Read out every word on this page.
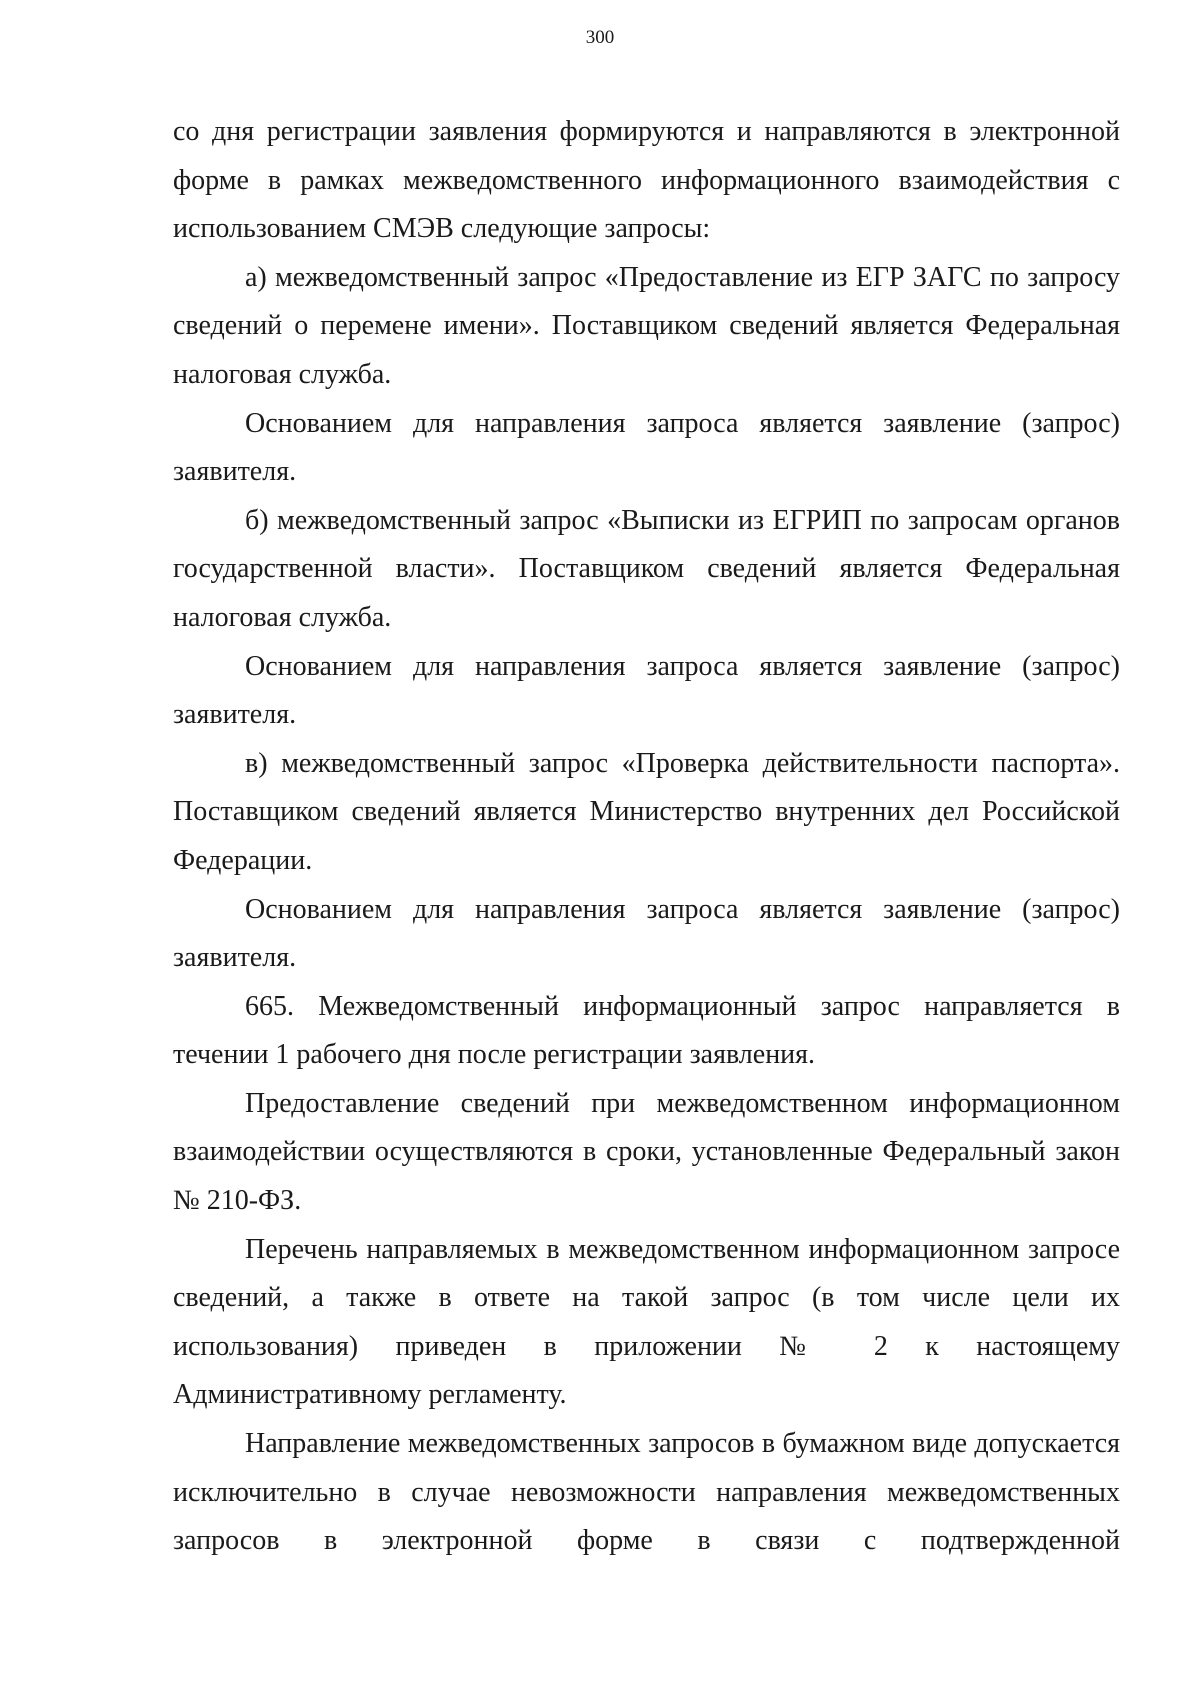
300

со дня регистрации заявления формируются и направляются в электронной форме в рамках межведомственного информационного взаимодействия с использованием СМЭВ следующие запросы:

а) межведомственный запрос «Предоставление из ЕГР ЗАГС по запросу сведений о перемене имени». Поставщиком сведений является Федеральная налоговая служба.

Основанием для направления запроса является заявление (запрос) заявителя.

б) межведомственный запрос «Выписки из ЕГРИП по запросам органов государственной власти». Поставщиком сведений является Федеральная налоговая служба.

Основанием для направления запроса является заявление (запрос) заявителя.

в) межведомственный запрос «Проверка действительности паспорта». Поставщиком сведений является Министерство внутренних дел Российской Федерации.

Основанием для направления запроса является заявление (запрос) заявителя.

665. Межведомственный информационный запрос направляется в течении 1 рабочего дня после регистрации заявления.

Предоставление сведений при межведомственном информационном взаимодействии осуществляются в сроки, установленные Федеральный закон № 210-ФЗ.

Перечень направляемых в межведомственном информационном запросе сведений, а также в ответе на такой запрос (в том числе цели их использования) приведен в приложении № 2 к настоящему Административному регламенту.

Направление межведомственных запросов в бумажном виде допускается исключительно в случае невозможности направления межведомственных запросов в электронной форме в связи с подтвержденной
